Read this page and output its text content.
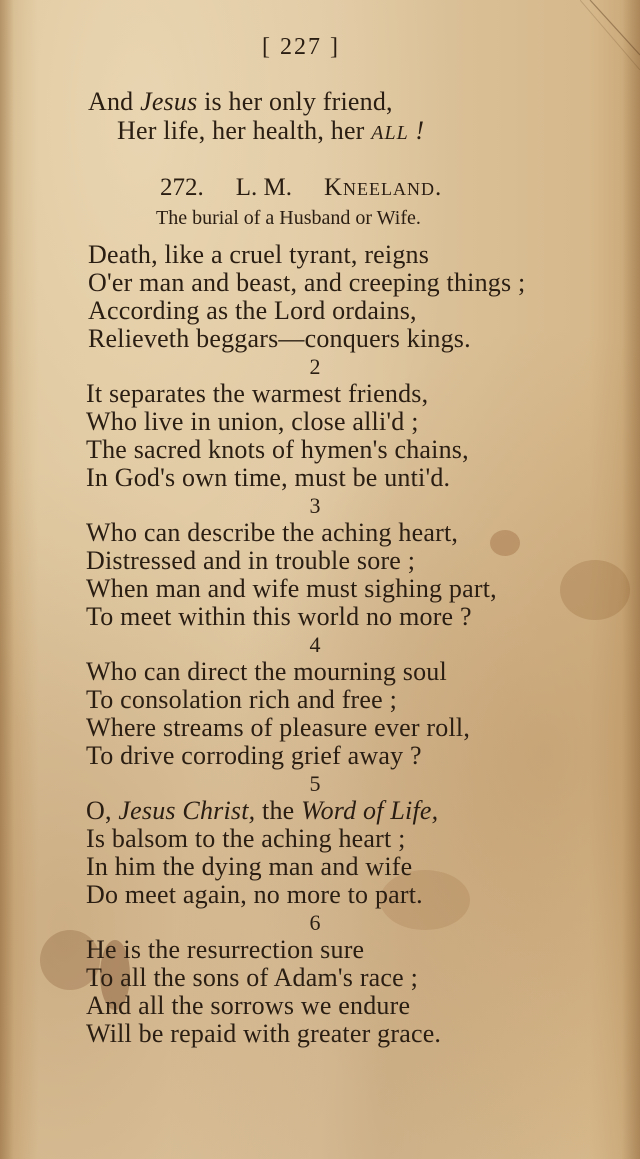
[ 227 ]
And Jesus is her only friend,
Her life, her health, her ALL !
272. L. M. Kneeland.
The burial of a Husband or Wife.
Death, like a cruel tyrant, reigns
O'er man and beast, and creeping things ;
According as the Lord ordains,
Relieveth beggars—conquers kings.
2
It separates the warmest friends,
Who live in union, close alli'd ;
The sacred knots of hymen's chains,
In God's own time, must be unti'd.
3
Who can describe the aching heart,
Distressed and in trouble sore ;
When man and wife must sighing part,
To meet within this world no more ?
4
Who can direct the mourning soul
To consolation rich and free ;
Where streams of pleasure ever roll,
To drive corroding grief away ?
5
O, Jesus Christ, the Word of Life,
Is balsom to the aching heart ;
In him the dying man and wife
Do meet again, no more to part.
6
He is the resurrection sure
To all the sons of Adam's race ;
And all the sorrows we endure
Will be repaid with greater grace.
